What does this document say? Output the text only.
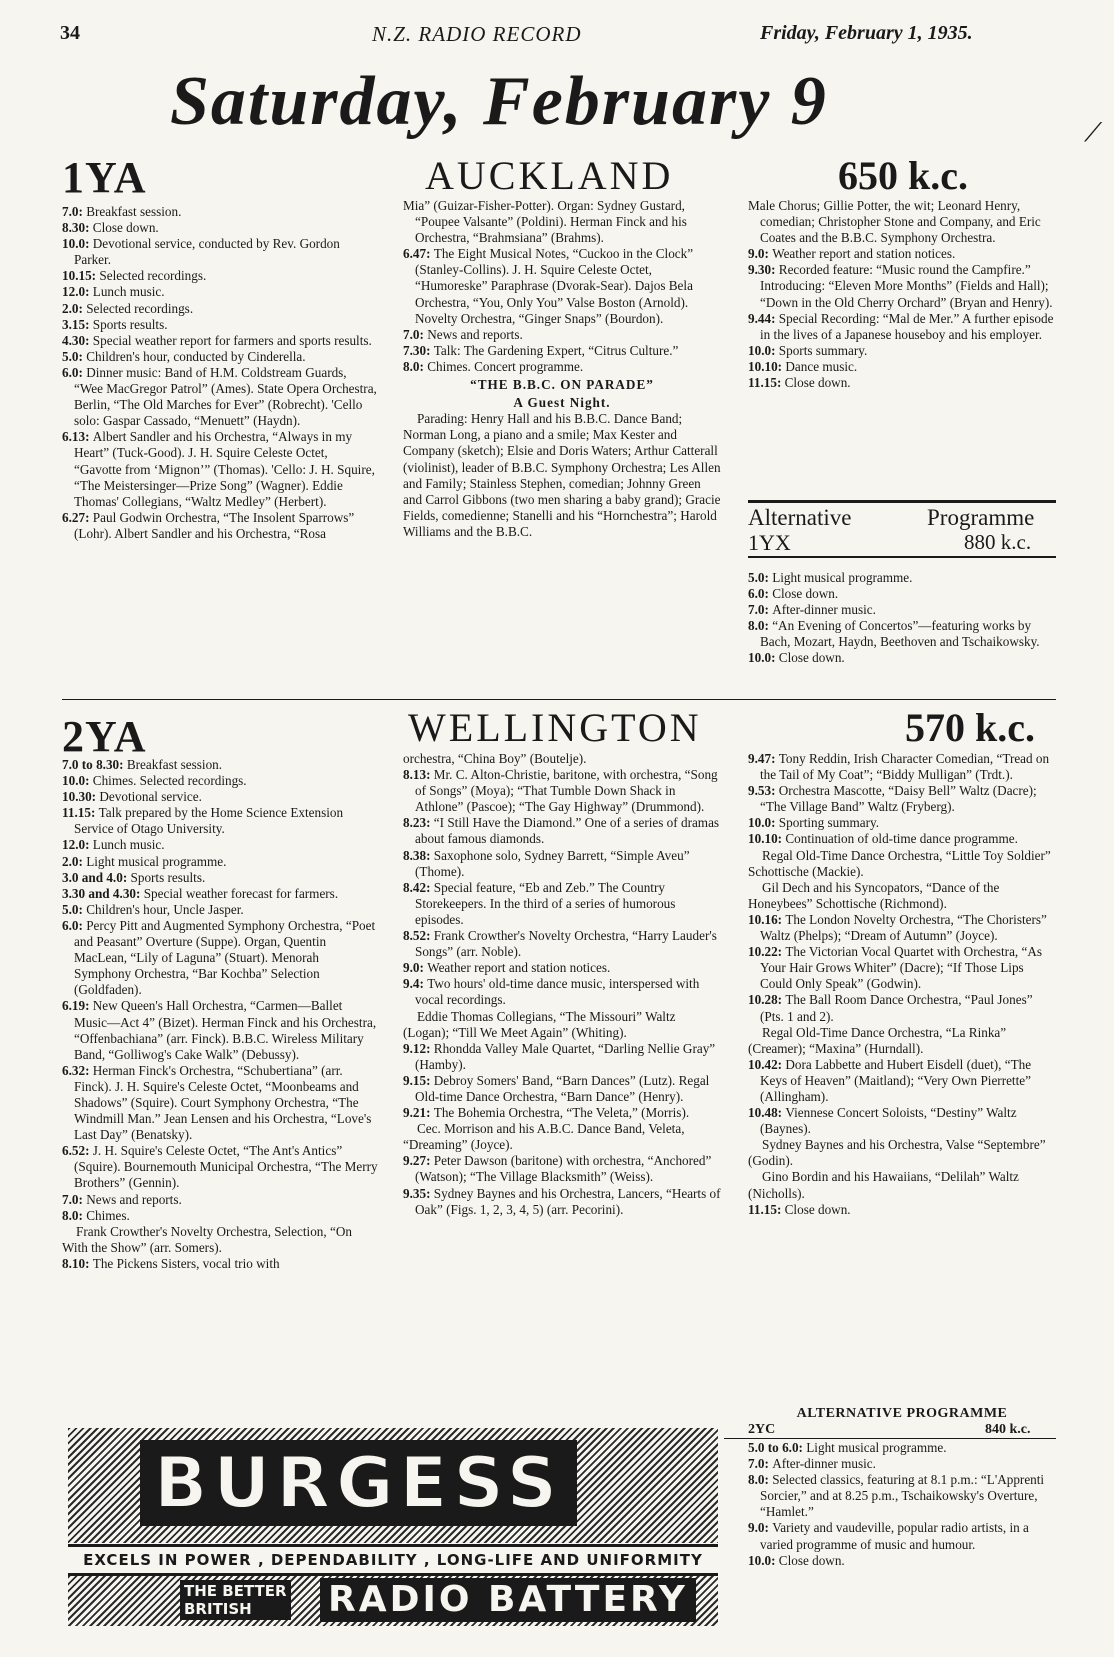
34	N.Z. RADIO RECORD	Friday, February 1, 1935.
Saturday, February 9	⟋
1YA	AUCKLAND	650 k.c.

7.0: Breakfast session.

8.30: Close down.

10.0: Devotional service, conducted by Rev. Gordon Parker.

10.15: Selected recordings.

12.0: Lunch music.

2.0: Selected recordings.

3.15: Sports results.

4.30: Special weather report for farmers and sports results.

5.0: Children's hour, conducted by Cinderella.

6.0: Dinner music: Band of H.M. Coldstream Guards, “Wee MacGregor Patrol” (Ames). State Opera Orchestra, Berlin, “The Old Marches for Ever” (Robrecht). 'Cello solo: Gaspar Cassado, “Menuett” (Haydn).

6.13: Albert Sandler and his Orchestra, “Always in my Heart” (Tuck-Good). J. H. Squire Celeste Octet, “Gavotte from ‘Mignon’” (Thomas). 'Cello: J. H. Squire, “The Meistersinger—Prize Song” (Wagner). Eddie Thomas' Collegians, “Waltz Medley” (Herbert).

6.27: Paul Godwin Orchestra, “The Insolent Sparrows” (Lohr). Albert Sandler and his Orchestra, “Rosa

Mia” (Guizar-Fisher-Potter). Organ: Sydney Gustard, “Poupee Valsante” (Poldini). Herman Finck and his Orchestra, “Brahmsiana” (Brahms).

6.47: The Eight Musical Notes, “Cuckoo in the Clock” (Stanley-Collins). J. H. Squire Celeste Octet, “Humoreske” Paraphrase (Dvorak-Sear). Dajos Bela Orchestra, “You, Only You” Valse Boston (Arnold). Novelty Orchestra, “Ginger Snaps” (Bourdon).

7.0: News and reports.

7.30: Talk: The Gardening Expert, “Citrus Culture.”

8.0: Chimes. Concert programme.

“THE B.B.C. ON PARADE”

A Guest Night.

Parading: Henry Hall and his B.B.C. Dance Band; Norman Long, a piano and a smile; Max Kester and Company (sketch); Elsie and Doris Waters; Arthur Catterall (violinist), leader of B.B.C. Symphony Orchestra; Les Allen and Family; Stainless Stephen, comedian; Johnny Green and Carrol Gibbons (two men sharing a baby grand); Gracie Fields, comedienne; Stanelli and his “Hornchestra”; Harold Williams and the B.B.C.

Male Chorus; Gillie Potter, the wit; Leonard Henry, comedian; Christopher Stone and Company, and Eric Coates and the B.B.C. Symphony Orchestra.

9.0: Weather report and station notices.

9.30: Recorded feature: “Music round the Campfire.” Introducing: “Eleven More Months” (Fields and Hall); “Down in the Old Cherry Orchard” (Bryan and Henry).

9.44: Special Recording: “Mal de Mer.” A further episode in the lives of a Japanese houseboy and his employer.

10.0: Sports summary.

10.10: Dance music.

11.15: Close down.

Alternative	Programme
1YX	880 k.c.

5.0: Light musical programme.

6.0: Close down.

7.0: After-dinner music.

8.0: “An Evening of Concertos”—featuring works by Bach, Mozart, Haydn, Beethoven and Tschaikowsky.

10.0: Close down.

2YA	WELLINGTON	570 k.c.

7.0 to 8.30: Breakfast session.

10.0: Chimes. Selected recordings.

10.30: Devotional service.

11.15: Talk prepared by the Home Science Extension Service of Otago University.

12.0: Lunch music.

2.0: Light musical programme.

3.0 and 4.0: Sports results.

3.30 and 4.30: Special weather forecast for farmers.

5.0: Children's hour, Uncle Jasper.

6.0: Percy Pitt and Augmented Symphony Orchestra, “Poet and Peasant” Overture (Suppe). Organ, Quentin MacLean, “Lily of Laguna” (Stuart). Menorah Symphony Orchestra, “Bar Kochba” Selection (Goldfaden).

6.19: New Queen's Hall Orchestra, “Carmen—Ballet Music—Act 4” (Bizet). Herman Finck and his Orchestra, “Offenbachiana” (arr. Finck). B.B.C. Wireless Military Band, “Golliwog's Cake Walk” (Debussy).

6.32: Herman Finck's Orchestra, “Schubertiana” (arr. Finck). J. H. Squire's Celeste Octet, “Moonbeams and Shadows” (Squire). Court Symphony Orchestra, “The Windmill Man.” Jean Lensen and his Orchestra, “Love's Last Day” (Benatsky).

6.52: J. H. Squire's Celeste Octet, “The Ant's Antics” (Squire). Bournemouth Municipal Orchestra, “The Merry Brothers” (Gennin).

7.0: News and reports.

8.0: Chimes.

Frank Crowther's Novelty Orchestra, Selection, “On With the Show” (arr. Somers).

8.10: The Pickens Sisters, vocal trio with

orchestra, “China Boy” (Boutelje).

8.13: Mr. C. Alton-Christie, baritone, with orchestra, “Song of Songs” (Moya); “That Tumble Down Shack in Athlone” (Pascoe); “The Gay Highway” (Drummond).

8.23: “I Still Have the Diamond.” One of a series of dramas about famous diamonds.

8.38: Saxophone solo, Sydney Barrett, “Simple Aveu” (Thome).

8.42: Special feature, “Eb and Zeb.” The Country Storekeepers. In the third of a series of humorous episodes.

8.52: Frank Crowther's Novelty Orchestra, “Harry Lauder's Songs” (arr. Noble).

9.0: Weather report and station notices.

9.4: Two hours' old-time dance music, interspersed with vocal recordings.

Eddie Thomas Collegians, “The Missouri” Waltz (Logan); “Till We Meet Again” (Whiting).

9.12: Rhondda Valley Male Quartet, “Darling Nellie Gray” (Hamby).

9.15: Debroy Somers' Band, “Barn Dances” (Lutz). Regal Old-time Dance Orchestra, “Barn Dance” (Henry).

9.21: The Bohemia Orchestra, “The Veleta,” (Morris).

Cec. Morrison and his A.B.C. Dance Band, Veleta, “Dreaming” (Joyce).

9.27: Peter Dawson (baritone) with orchestra, “Anchored” (Watson); “The Village Blacksmith” (Weiss).

9.35: Sydney Baynes and his Orchestra, Lancers, “Hearts of Oak” (Figs. 1, 2, 3, 4, 5) (arr. Pecorini).

9.47: Tony Reddin, Irish Character Comedian, “Tread on the Tail of My Coat”; “Biddy Mulligan” (Trdt.).

9.53: Orchestra Mascotte, “Daisy Bell” Waltz (Dacre); “The Village Band” Waltz (Fryberg).

10.0: Sporting summary.

10.10: Continuation of old-time dance programme.

Regal Old-Time Dance Orchestra, “Little Toy Soldier” Schottische (Mackie).

Gil Dech and his Syncopators, “Dance of the Honeybees” Schottische (Richmond).

10.16: The London Novelty Orchestra, “The Choristers” Waltz (Phelps); “Dream of Autumn” (Joyce).

10.22: The Victorian Vocal Quartet with Orchestra, “As Your Hair Grows Whiter” (Dacre); “If Those Lips Could Only Speak” (Godwin).

10.28: The Ball Room Dance Orchestra, “Paul Jones” (Pts. 1 and 2).

Regal Old-Time Dance Orchestra, “La Rinka” (Creamer); “Maxina” (Hurndall).

10.42: Dora Labbette and Hubert Eisdell (duet), “The Keys of Heaven” (Maitland); “Very Own Pierrette” (Allingham).

10.48: Viennese Concert Soloists, “Destiny” Waltz (Baynes).

Sydney Baynes and his Orchestra, Valse “Septembre” (Godin).

Gino Bordin and his Hawaiians, “Delilah” Waltz (Nicholls).

11.15: Close down.

ALTERNATIVE PROGRAMME
2YC	840 k.c.

5.0 to 6.0: Light musical programme.

7.0: After-dinner music.

8.0: Selected classics, featuring at 8.1 p.m.: “L'Apprenti Sorcier,” and at 8.25 p.m., Tschaikowsky's Overture, “Hamlet.”

9.0: Variety and vaudeville, popular radio artists, in a varied programme of music and humour.

10.0: Close down.

BURGESS
EXCELS IN POWER , DEPENDABILITY , LONG-LIFE AND UNIFORMITY
THE BETTER
BRITISH	RADIO BATTERY
